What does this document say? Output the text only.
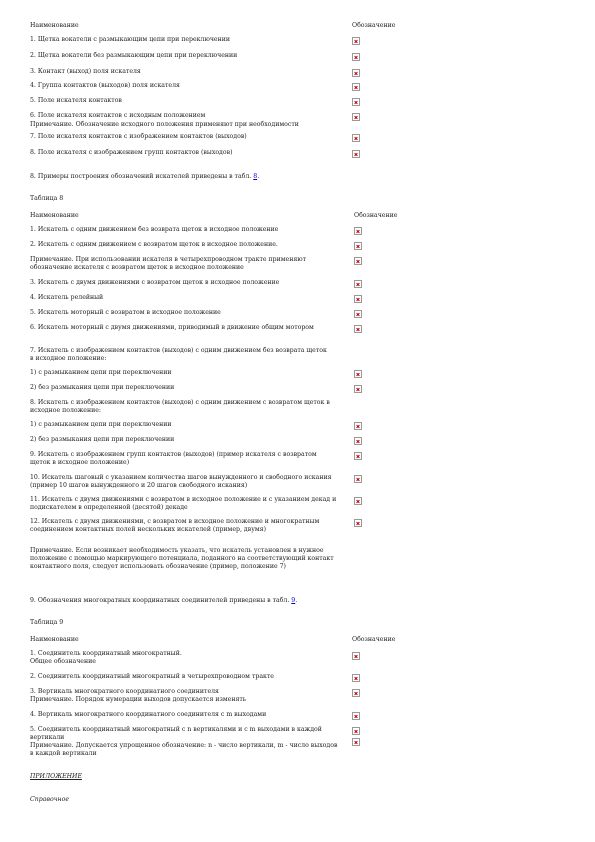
Наименование	Обозначение
1. Щетка вокатели с размыкающим цепи при переключении
2. Щетка вокатели без размыкающим цепи при переключении
3. Контакт (выход) поля искателя
4. Группа контактов (выходов) поля искателя
5. Поле искателя контактов
6. Поле искателя контактов с исходным положением
Примечание. Обозначение исходного положения применяют при необходимости
7. Поле искателя контактов с изображением контактов (выходов)
8. Поле искателя с изображением групп контактов (выходов)
8. Примеры построения обозначений искателей приведены в табл. 8.
Таблица 8
Наименование	Обозначение
1. Искатель с одним движением без возврата щеток в исходное положение
2. Искатель с одним движением с возвратом щеток в исходное положение.
Примечание. При использовании искателя в четырехпроводном тракте применяют обозначение искателя с возвратом щеток в исходное положение
3. Искатель с двумя движениями с возвратом щеток в исходное положение
4. Искатель релейный
5. Искатель моторный с возвратом в исходное положение
6. Искатель моторный с двумя движениями, приводимый в движение общим мотором
7. Искатель с изображением контактов (выходов) с одним движением без возврата щеток в исходное положение:
1) с размыканием цепи при переключении
2) без размыкания цепи при переключении
8. Искатель с изображением контактов (выходов) с одним движением с возвратом щеток в исходное положение:
1) с размыканием цепи при переключении
2) без размыкания цепи при переключении
9. Искатель с изображением групп контактов (выходов) (пример искателя с возвратом щеток в исходное положение)
10. Искатель шаговый с указанием количества шагов вынужденного и свободного искания (пример 10 шагов вынужденного и 20 шагов свободного искания)
11. Искатель с двумя движениями с возвратом в исходное положение и с указанием декад и подискателем в определенной (десятой) декаде
12. Искатель с двумя движениями, с возвратом в исходное положение и многократным соединением контактных полей нескольких искателей (пример, двумя)
Примечание. Если возникает необходимость указать, что искатель установлен в нужное положение с помощью маркирующего потенциала, поданного на соответствующий контакт контактного поля, следует использовать обозначение (пример, положение 7)
9. Обозначения многократных координатных соединителей приведены в табл. 9.
Таблица 9
Наименование	Обозначение
1. Соединитель координатный многократный.
Общее обозначение
2. Соединитель координатный многократный в четырехпроводном тракте
3. Вертикаль многократного координатного соединителя
Примечание. Порядок нумерации выходов допускается изменять
4. Вертикаль многократного координатного соединителя с m выходами
5. Соединитель координатный многократный с n вертикалями и с m выходами в каждой вертикали
Примечание. Допускается упрощенное обозначение: n - число вертикали, m - число выходов в каждой вертикали
ПРИЛОЖЕНИЕ
Справочное
